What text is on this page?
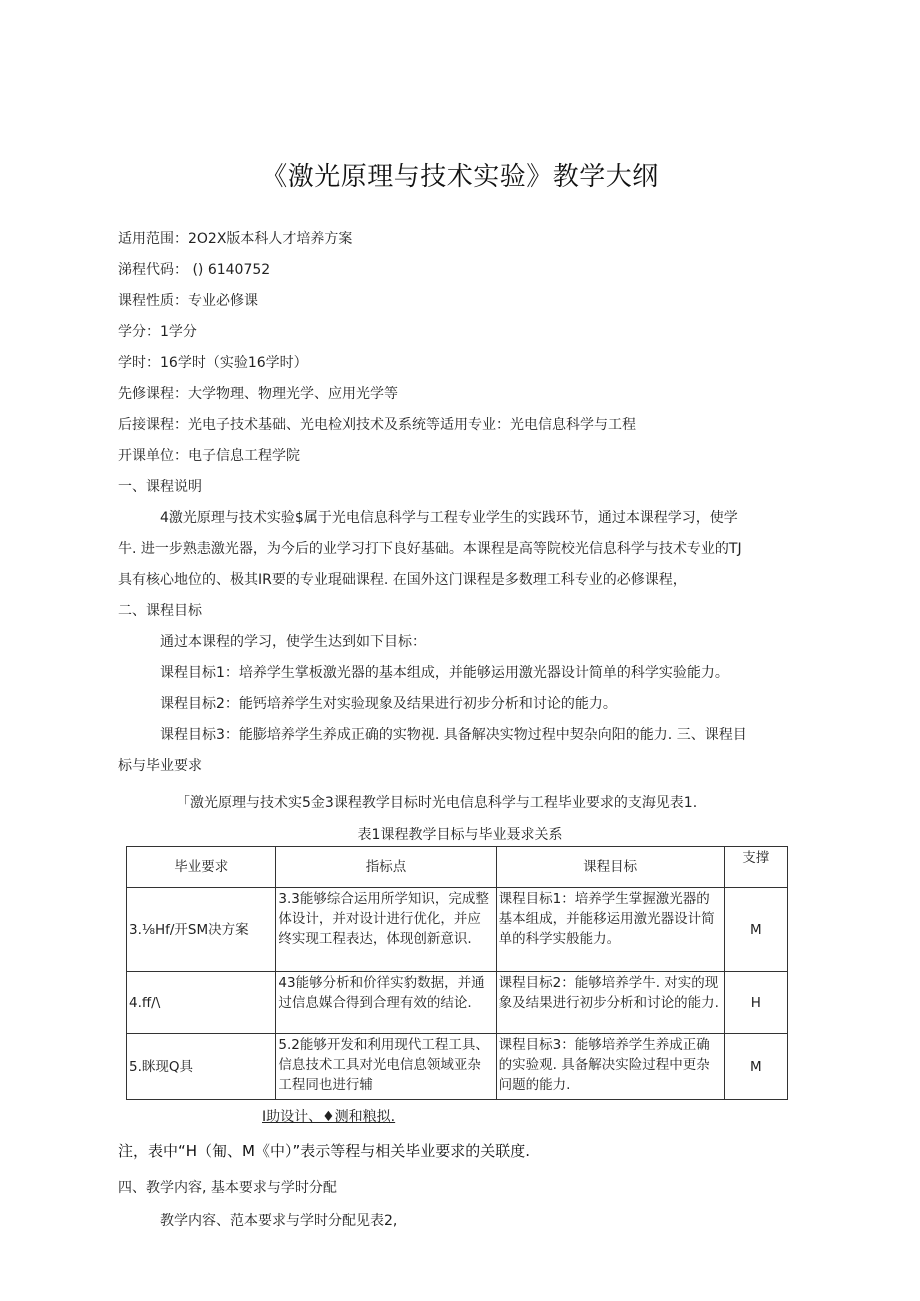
《激光原理与技术实验》教学大纲
适用范围：2O2X版本科人才培养方案
涕程代码： () 6140752
课程性质：专业必修课
学分：1学分
学时：16学时（实验16学时）
先修课程：大学物理、物理光学、应用光学等
后接课程：光电子技术基础、光电检刈技术及系统等适用专业：光电信息科学与工程
开课单位：电子信息工程学院
一、课程说明
4激光原理与技术实验$属于光电信息科学与工程专业学生的实践环节，通过本课程学习，使学
牛. 进一步熟恚激光器，为今后的业学习打下良好基础。本课程是高等院校光信息科学与技术专业的TJ
具有核心地位的、极其IR要的专业琨础课程. 在国外这门课程是多数理工科专业的必修课程，
二、课程目标
通过本课程的学习，使学生达到如下目标：
课程目标1：培养学生掌板激光器的基本组成，并能够运用激光器设计简单的科学实验能力。
课程目标2：能钙培养学生对实验现象及结果进行初步分析和讨论的能力。
课程目标3：能膨培养学生养成正确的实物视. 具备解决实物过程中契杂向阳的能力. 三、课程目
标与毕业要求
「激光原理与技术实5金3课程教学目标时光电信息科学与工程毕业要求的支海见表1.
表1课程教学目标与毕业聂求关系
毕业要求	指标点	课程目标	支撑
3.⅛Hf/开SM决方案	3.3能够综合运用所学知识，完成整体设计，并对设计进行优化，并应终实现工程表达，体现创新意识.	课程目标1：培养学生掌握激光器的基本组成，并能移运用激光器设计简单的科学实般能力。	M
4.ff∕\	43能够分析和价徉实豹数据，并通过信息媒合得到合理有效的结论.	课程目标2：能够培养学牛. 对实的现象及结果进行初步分析和讨论的能力.	H
5.眯现Q具	5.2能够开发和利用现代工程工具、信息技术工具对光电信息领域亚杂工程同也进行辅	课程目标3：能够培养学生养成正确的实验观. 具备解决实险过程中更杂问题的能力.	M
I助设计、♦测和粮拟.
注，表中“H（匍、M《中）”表示等程与相关毕业要求的关联度.
四、教学内容, 基本要求与学时分配
教学内容、范本要求与学时分配见表2,
